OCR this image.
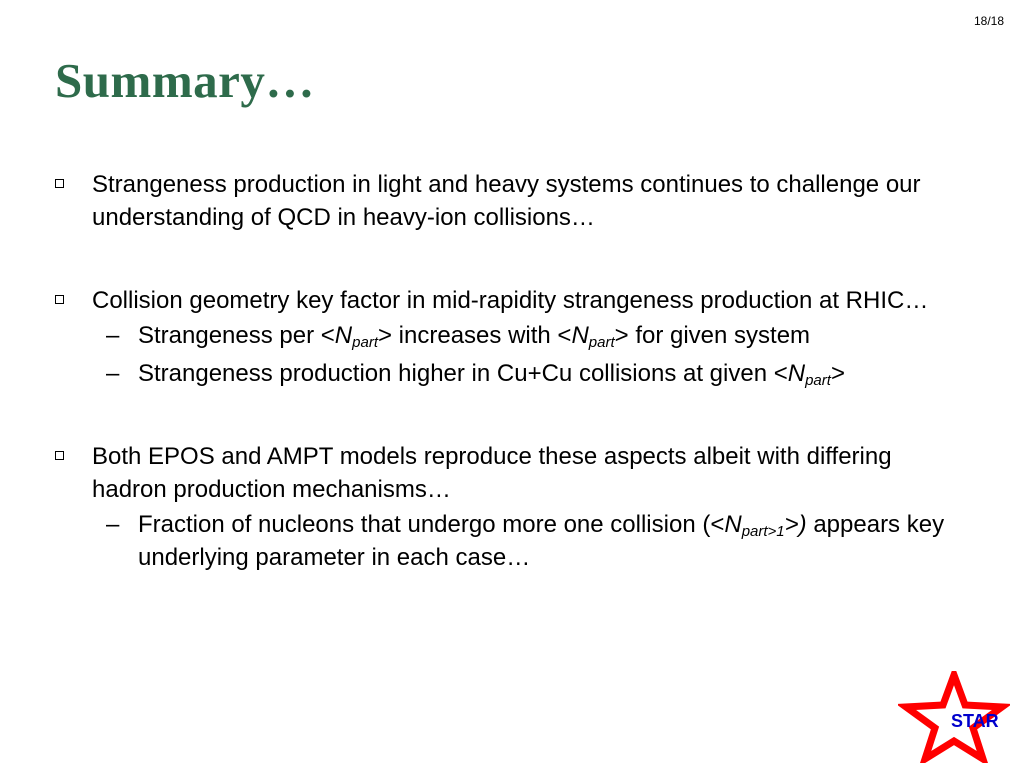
18/18
Summary…
Strangeness production in light and heavy systems continues to challenge our understanding of QCD in heavy-ion collisions…
Collision geometry key factor in mid-rapidity strangeness production at RHIC…
– Strangeness per $<N_{part}>$ increases with $<N_{part}>$ for given system
– Strangeness production higher in Cu+Cu collisions at given $<N_{part}>$
Both EPOS and AMPT models reproduce these aspects albeit with differing hadron production mechanisms…
– Fraction of nucleons that undergo more one collision $(<N_{part>1}>)$ appears key underlying parameter in each case…
STAR
